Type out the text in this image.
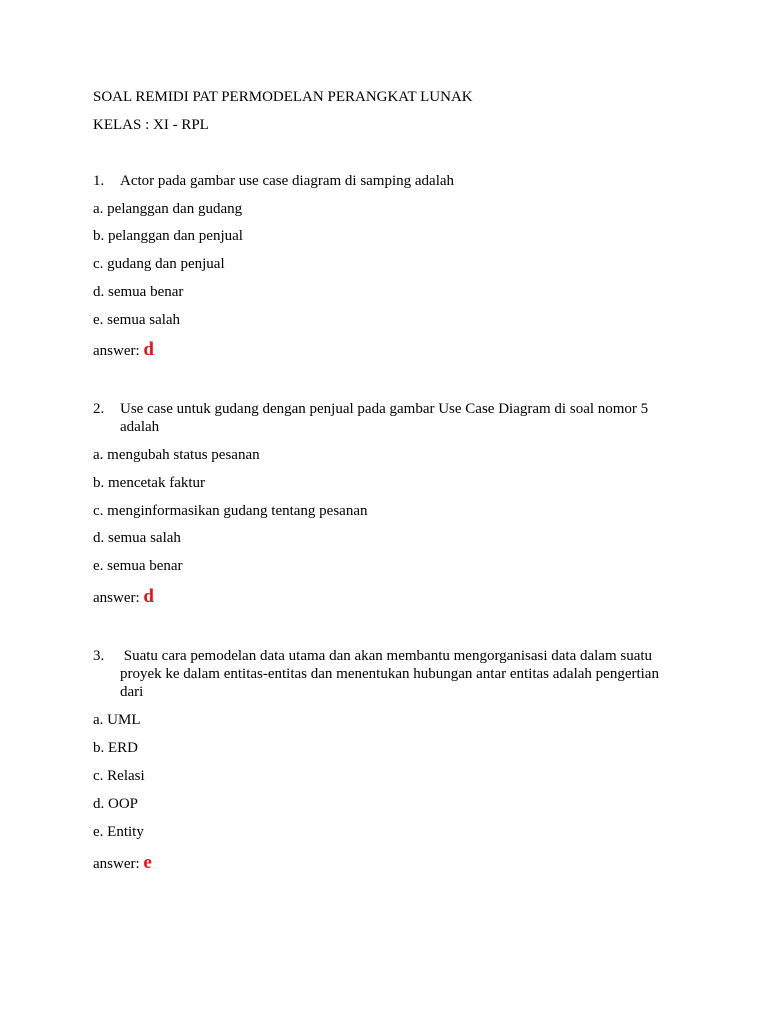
SOAL REMIDI PAT PERMODELAN PERANGKAT LUNAK
KELAS : XI - RPL
1. Actor pada gambar use case diagram di samping adalah
a. pelanggan dan gudang
b. pelanggan dan penjual
c. gudang dan penjual
d. semua benar
e. semua salah
answer: d
2. Use case untuk gudang dengan penjual pada gambar Use Case Diagram di soal nomor 5 adalah
a. mengubah status pesanan
b. mencetak faktur
c. menginformasikan gudang tentang pesanan
d. semua salah
e. semua benar
answer: d
3. Suatu cara pemodelan data utama dan akan membantu mengorganisasi data dalam suatu proyek ke dalam entitas-entitas dan menentukan hubungan antar entitas adalah pengertian dari
a. UML
b. ERD
c. Relasi
d. OOP
e. Entity
answer: e
